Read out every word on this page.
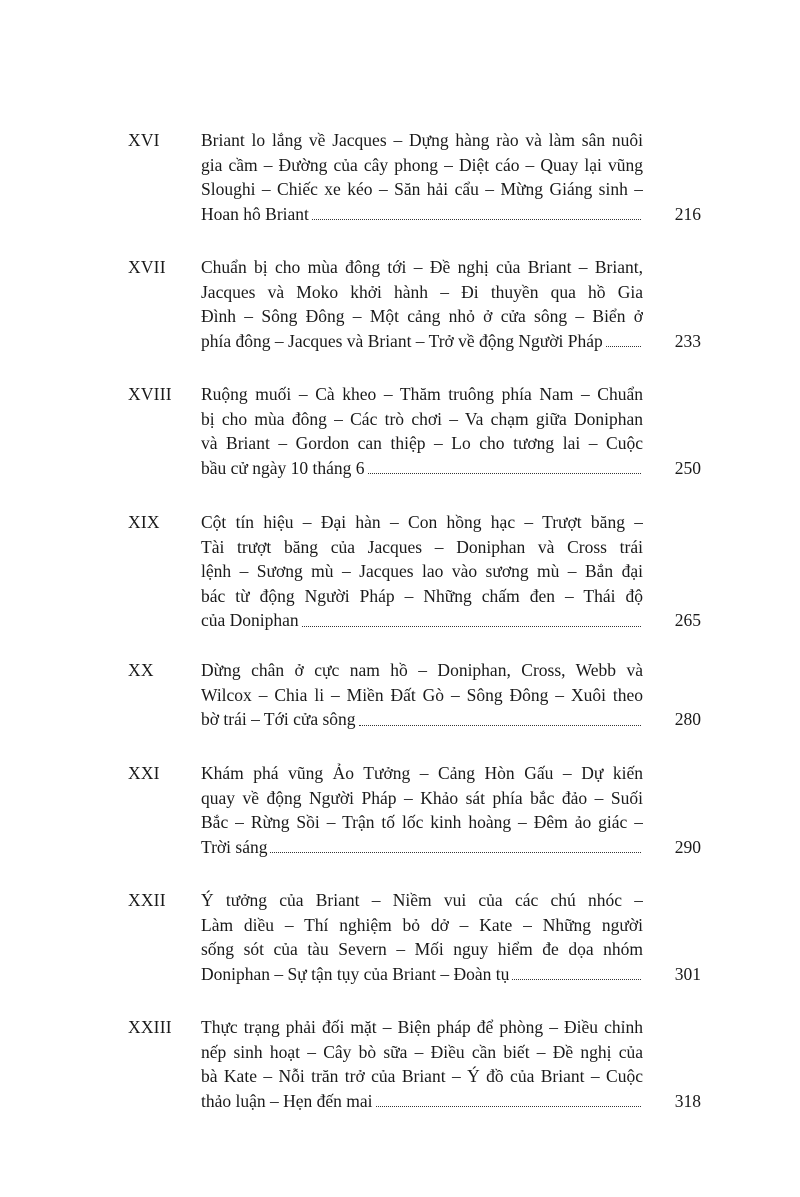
XVI Briant lo lắng về Jacques – Dựng hàng rào và làm sân nuôi
gia cầm – Đường của cây phong – Diệt cáo – Quay lại vũng
Sloughi – Chiếc xe kéo – Săn hải cẩu – Mừng Giáng sinh –
Hoan hô Briant	216
XVII Chuẩn bị cho mùa đông tới – Đề nghị của Briant – Briant,
Jacques và Moko khởi hành – Đi thuyền qua hồ Gia
Đình – Sông Đông – Một cảng nhỏ ở cửa sông – Biển ở
phía đông – Jacques và Briant – Trở về động Người Pháp	233
XVIII Ruộng muối – Cà kheo – Thăm truông phía Nam – Chuẩn
bị cho mùa đông – Các trò chơi – Va chạm giữa Doniphan
và Briant – Gordon can thiệp – Lo cho tương lai – Cuộc
bầu cử ngày 10 tháng 6	250
XIX Cột tín hiệu – Đại hàn – Con hồng hạc – Trượt băng –
Tài trượt băng của Jacques – Doniphan và Cross trái
lệnh – Sương mù – Jacques lao vào sương mù – Bắn đại
bác từ động Người Pháp – Những chấm đen – Thái độ
của Doniphan	265
XX	Dừng chân ở cực nam hồ – Doniphan, Cross, Webb và
Wilcox – Chia li – Miền Đất Gò – Sông Đông – Xuôi theo
bờ trái – Tới cửa sông	280
XXI Khám phá vũng Ảo Tưởng – Cảng Hòn Gấu – Dự kiến
quay về động Người Pháp – Khảo sát phía bắc đảo – Suối
Bắc – Rừng Sồi – Trận tố lốc kinh hoàng – Đêm ảo giác –
Trời sáng	290
XXII Ý tưởng của Briant – Niềm vui của các chú nhóc –
Làm diều – Thí nghiệm bỏ dở – Kate – Những người
sống sót của tàu Severn – Mối nguy hiểm đe dọa nhóm
Doniphan – Sự tận tụy của Briant – Đoàn tụ	301
XXIII Thực trạng phải đối mặt – Biện pháp để phòng – Điều chỉnh
nếp sinh hoạt – Cây bò sữa – Điều cần biết – Đề nghị của
bà Kate – Nỗi trăn trở của Briant – Ý đồ của Briant – Cuộc
thảo luận – Hẹn đến mai	318
